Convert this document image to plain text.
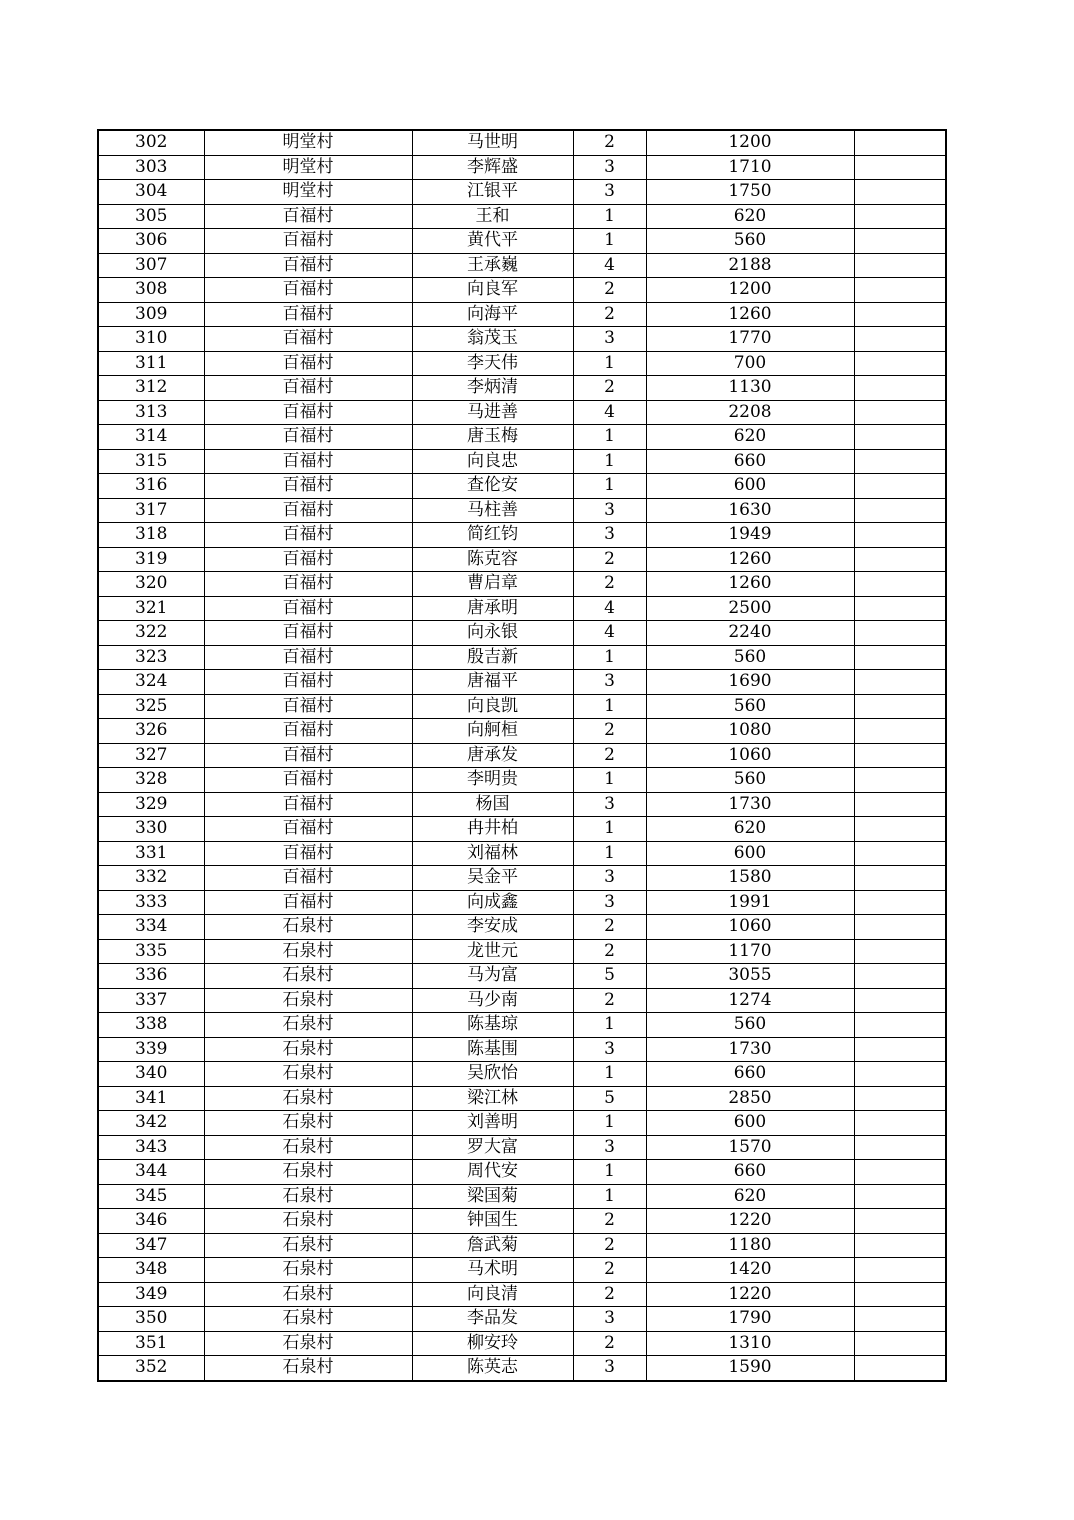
302	明堂村	马世明	2	1200	
303	明堂村	李辉盛	3	1710	
304	明堂村	江银平	3	1750	
305	百福村	王和	1	620	
306	百福村	黄代平	1	560	
307	百福村	王承巍	4	2188	
308	百福村	向良军	2	1200	
309	百福村	向海平	2	1260	
310	百福村	翁茂玉	3	1770	
311	百福村	李天伟	1	700	
312	百福村	李炳清	2	1130	
313	百福村	马进善	4	2208	
314	百福村	唐玉梅	1	620	
315	百福村	向良忠	1	660	
316	百福村	查伦安	1	600	
317	百福村	马柱善	3	1630	
318	百福村	简红钧	3	1949	
319	百福村	陈克容	2	1260	
320	百福村	曹启章	2	1260	
321	百福村	唐承明	4	2500	
322	百福村	向永银	4	2240	
323	百福村	殷吉新	1	560	
324	百福村	唐福平	3	1690	
325	百福村	向良凯	1	560	
326	百福村	向舸桓	2	1080	
327	百福村	唐承发	2	1060	
328	百福村	李明贵	1	560	
329	百福村	杨国	3	1730	
330	百福村	冉井柏	1	620	
331	百福村	刘福林	1	600	
332	百福村	吴金平	3	1580	
333	百福村	向成鑫	3	1991	
334	石泉村	李安成	2	1060	
335	石泉村	龙世元	2	1170	
336	石泉村	马为富	5	3055	
337	石泉村	马少南	2	1274	
338	石泉村	陈基琼	1	560	
339	石泉村	陈基围	3	1730	
340	石泉村	吴欣怡	1	660	
341	石泉村	梁江林	5	2850	
342	石泉村	刘善明	1	600	
343	石泉村	罗大富	3	1570	
344	石泉村	周代安	1	660	
345	石泉村	梁国菊	1	620	
346	石泉村	钟国生	2	1220	
347	石泉村	詹武菊	2	1180	
348	石泉村	马术明	2	1420	
349	石泉村	向良清	2	1220	
350	石泉村	李品发	3	1790	
351	石泉村	柳安玲	2	1310	
352	石泉村	陈英志	3	1590	
